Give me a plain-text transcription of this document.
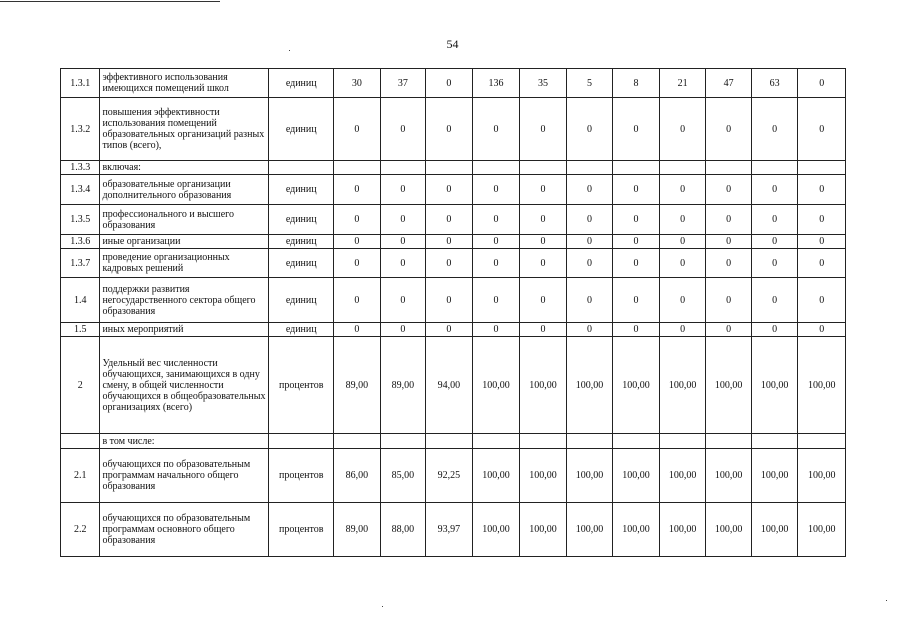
54
1.3.1	эффективного использования имеющихся помещений школ	единиц	30	37	0	136	35	5	8	21	47	63	0
1.3.2	повышения эффективности использования помещений образовательных организаций разных типов (всего),	единиц	0	0	0	0	0	0	0	0	0	0	0
1.3.3	включая:												
1.3.4	образовательные организации дополнительного образования	единиц	0	0	0	0	0	0	0	0	0	0	0
1.3.5	профессионального и высшего образования	единиц	0	0	0	0	0	0	0	0	0	0	0
1.3.6	иные организации	единиц	0	0	0	0	0	0	0	0	0	0	0
1.3.7	проведение организационных кадровых решений	единиц	0	0	0	0	0	0	0	0	0	0	0
1.4	поддержки развития негосударственного сектора общего образования	единиц	0	0	0	0	0	0	0	0	0	0	0
1.5	иных мероприятий	единиц	0	0	0	0	0	0	0	0	0	0	0
2	Удельный вес численности обучающихся, занимающихся в одну смену, в общей численности обучающихся в общеобразовательных организациях (всего)	процентов	89,00	89,00	94,00	100,00	100,00	100,00	100,00	100,00	100,00	100,00	100,00
	в том числе:												
2.1	обучающихся по образовательным программам начального общего образования	процентов	86,00	85,00	92,25	100,00	100,00	100,00	100,00	100,00	100,00	100,00	100,00
2.2	обучающихся по образовательным программам основного общего образования	процентов	89,00	88,00	93,97	100,00	100,00	100,00	100,00	100,00	100,00	100,00	100,00
